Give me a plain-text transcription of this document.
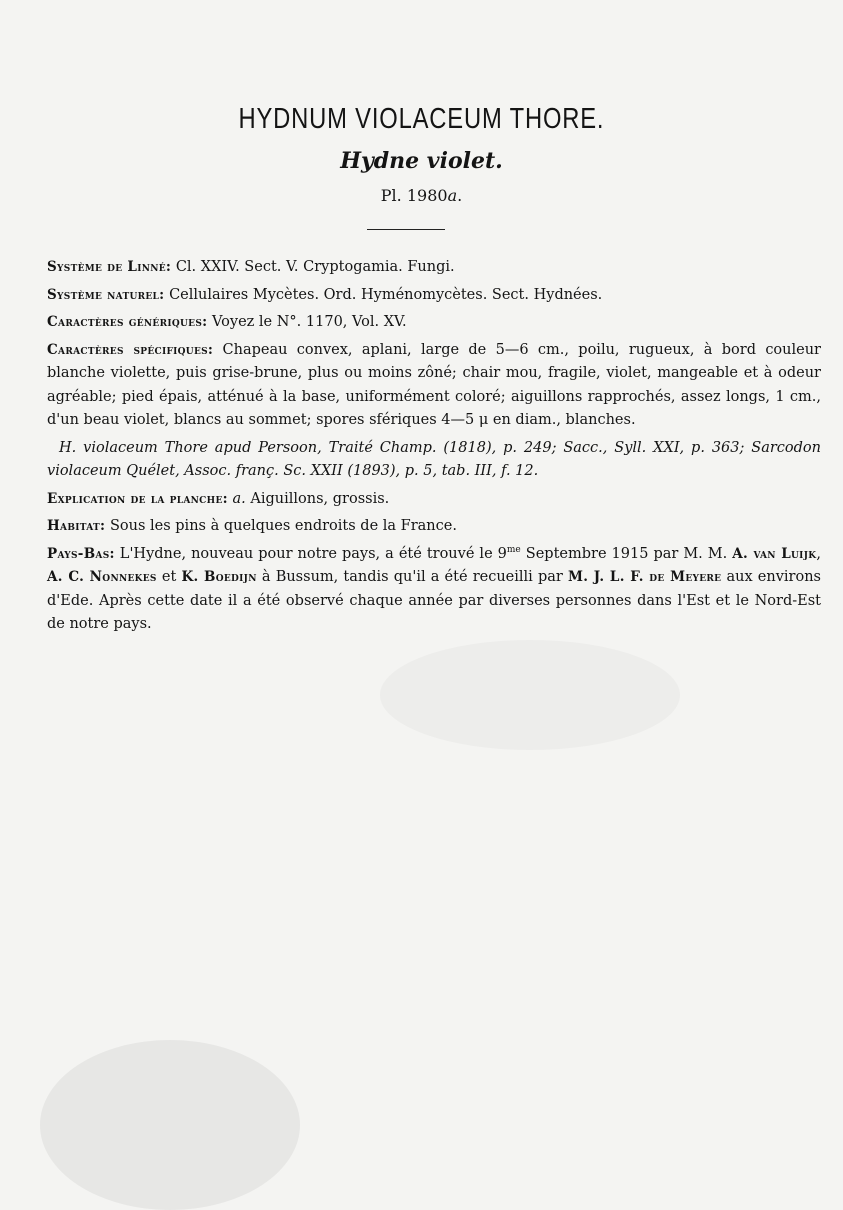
HYDNUM VIOLACEUM THORE.
Hydne violet.
Pl. 1980a.

Système de Linné: Cl. XXIV. Sect. V. Cryptogamia. Fungi.

Système naturel: Cellulaires Mycètes. Ord. Hyménomycètes. Sect. Hydnées.

Caractères génériques: Voyez le N°. 1170, Vol. XV.

Caractères spécifiques: Chapeau convex, aplani, large de 5—6 cm., poilu, rugueux, à bord couleur blanche violette, puis grise-brune, plus ou moins zôné; chair mou, fragile, violet, mangeable et à odeur agréable; pied épais, atténué à la base, uniformément coloré; aiguillons rapprochés, assez longs, 1 cm., d'un beau violet, blancs au sommet; spores sfériques 4—5 μ en diam., blanches.

H. violaceum Thore apud Persoon, Traité Champ. (1818), p. 249; Sacc., Syll. XXI, p. 363; Sarcodon violaceum Quélet, Assoc. franç. Sc. XXII (1893), p. 5, tab. III, f. 12.

Explication de la planche: a. Aiguillons, grossis.

Habitat: Sous les pins à quelques endroits de la France.

Pays-Bas: L'Hydne, nouveau pour notre pays, a été trouvé le $9^{me}$ Septembre 1915 par M. M. A. van Luijk, A. C. Nonnekes et K. Boedijn à Bussum, tandis qu'il a été recueilli par M. J. L. F. de Meyere aux environs d'Ede. Après cette date il a été observé chaque année par diverses personnes dans l'Est et le Nord-Est de notre pays.
